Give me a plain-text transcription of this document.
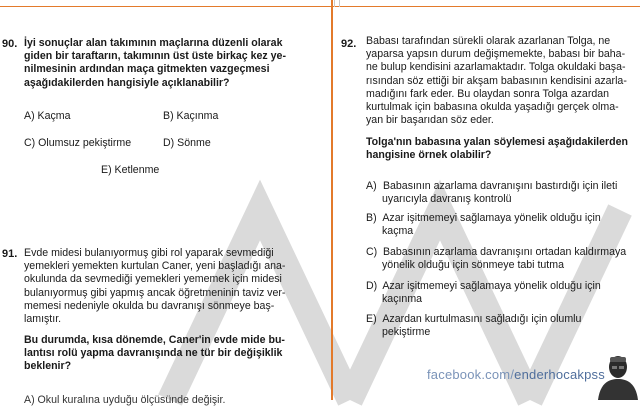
90. İyi sonuçlar alan takımının maçlarına düzenli olarak
giden bir taraftarın, takımının üst üste birkaç kez ye-
nilmesinin ardından maça gitmekten vazgeçmesi
aşağıdakilerden hangisiyle açıklanabilir?
A) Kaçma	B) Kaçınma
C) Olumsuz pekiştirme	D) Sönme
E) Ketlenme
91. Evde midesi bulanıyormuş gibi rol yaparak sevmediği
yemekleri yemekten kurtulan Caner, yeni başladığı ana-
okulunda da sevmediği yemekleri yememek için midesi
bulanıyormuş gibi yapmış ancak öğretmeninin taviz ver-
memesi nedeniyle okulda bu davranışı sönmeye baş-
lamıştır.
Bu durumda, kısa dönemde, Caner'in evde mide bu-
lantısı rolü yapma davranışında ne tür bir değişiklik
beklenir?
A) Okul kuralına uyduğu ölçüsünde değişir.
92. Babası tarafından sürekli olarak azarlanan Tolga, ne
yaparsa yapsın durum değişmemekte, babası bir baha-
ne bulup kendisini azarlamaktadır. Tolga okuldaki başa-
rısından söz ettiği bir akşam babasının kendisini azarla-
madığını fark eder. Bu olaydan sonra Tolga azardan
kurtulmak için babasına okulda yaşadığı gerçek olma-
yan bir başarıdan söz eder.
Tolga'nın babasına yalan söylemesi aşağıdakilerden
hangisine örnek olabilir?
A) Babasının azarlama davranışını bastırdığı için ileti
uyarıcıyla davranış kontrolü
B) Azar işitmemeyi sağlamaya yönelik olduğu için
kaçma
C) Babasının azarlama davranışını ortadan kaldırmaya
yönelik olduğu için sönmeye tabi tutma
D) Azar işitmemeyi sağlamaya yönelik olduğu için
kaçınma
E) Azardan kurtulmasını sağladığı için olumlu
pekiştirme
facebook.com/enderhocakpss
